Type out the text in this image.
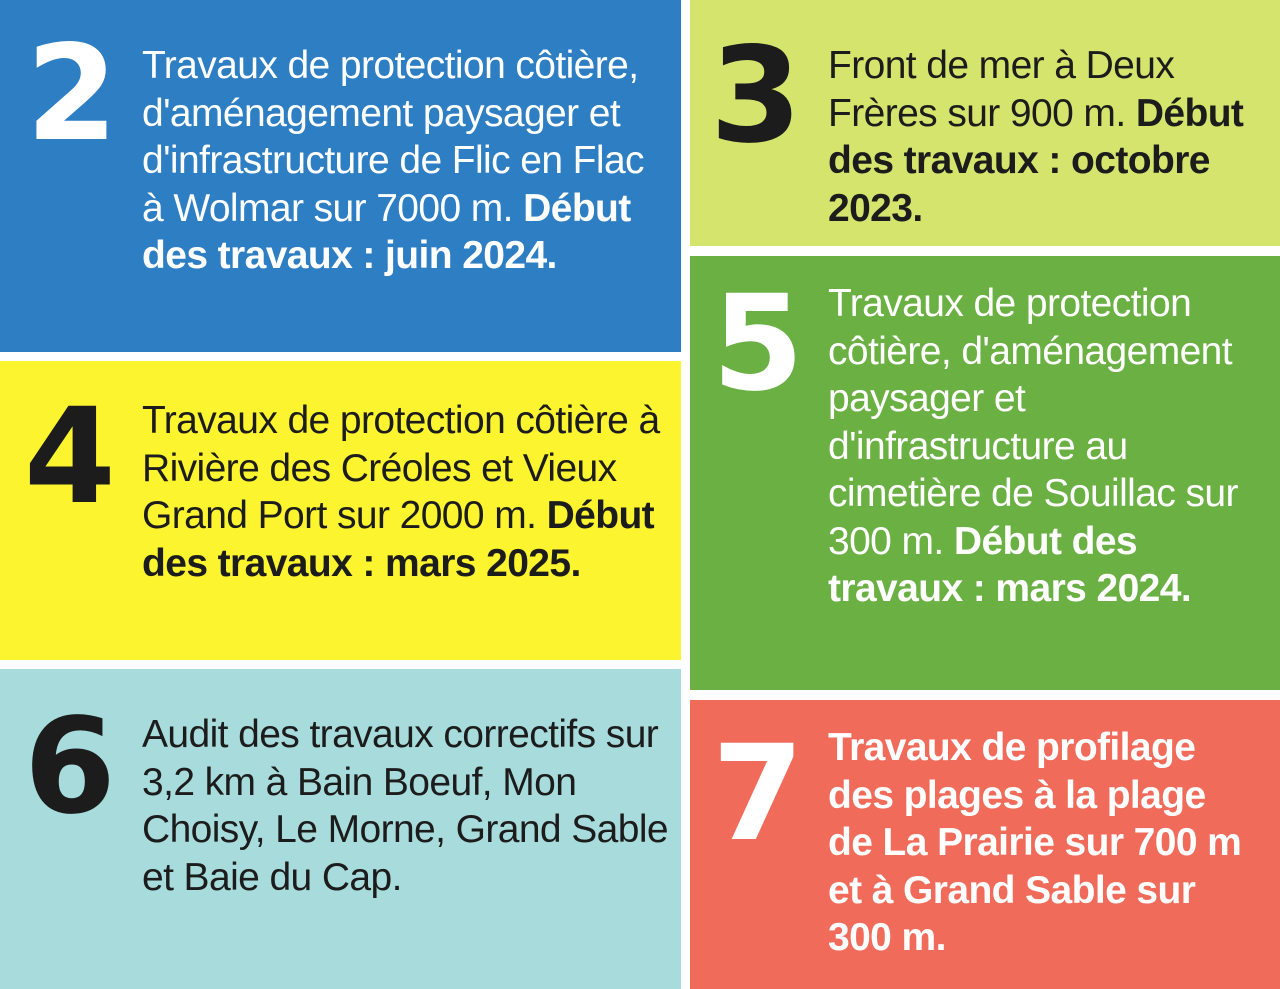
2 Travaux de protection côtière, d'aménagement paysager et d'infrastructure de Flic en Flac à Wolmar sur 7000 m. Début des travaux : juin 2024.
3 Front de mer à Deux Frères sur 900 m. Début des travaux : octobre 2023.
4 Travaux de protection côtière à Rivière des Créoles et Vieux Grand Port sur 2000 m. Début des travaux : mars 2025.
5 Travaux de protection côtière, d'aménagement paysager et d'infrastructure au cimetière de Souillac sur 300 m. Début des travaux : mars 2024.
6 Audit des travaux correctifs sur 3,2 km à Bain Boeuf, Mon Choisy, Le Morne, Grand Sable et Baie du Cap.
7 Travaux de profilage des plages à la plage de La Prairie sur 700 m et à Grand Sable sur 300 m.
